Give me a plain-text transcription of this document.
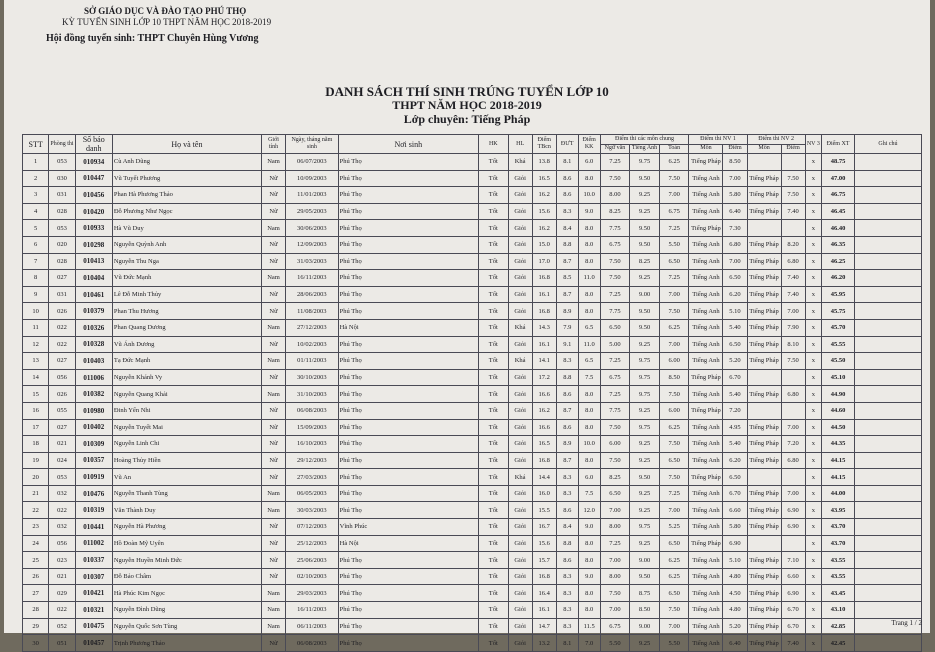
SỞ GIÁO DỤC VÀ ĐÀO TẠO PHÚ THỌ
KỲ TUYỂN SINH LỚP 10 THPT NĂM HỌC 2018-2019
Hội đồng tuyển sinh: THPT Chuyên Hùng Vương
DANH SÁCH THÍ SINH TRÚNG TUYỂN LỚP 10
THPT NĂM HỌC 2018-2019
Lớp chuyên: Tiếng Pháp
STT	Phòng thi	Số báo danh	Họ và tên	Giới tính	Ngày, tháng năm sinh	Nơi sinh	HK	HL	Điểm TBcn	ĐƯT	Điểm KK	Điểm thi các môn chung			Điểm thi NV 1		Điểm thi NV 2		NV 3	Điểm XT	Ghi chú
												Ngữ văn	Tiếng Anh	Toán	Môn	Điểm	Môn	Điểm			
1	053	010934	Cù Anh Dũng	Nam	06/07/2003	Phú Thọ	Tốt	Khá	13.8	8.1	6.0	7.25	9.75	6.25	Tiếng Pháp	8.50			x	48.75	
2	030	010447	Vũ Tuyết Phương	Nữ	10/09/2003	Phú Thọ	Tốt	Giỏi	16.5	8.6	8.0	7.50	9.50	7.50	Tiếng Anh	7.00	Tiếng Pháp	7.50	x	47.00	
3	031	010456	Phan Hà Phương Thảo	Nữ	11/01/2003	Phú Thọ	Tốt	Giỏi	16.2	8.6	10.0	8.00	9.25	7.00	Tiếng Anh	5.80	Tiếng Pháp	7.50	x	46.75	
4	028	010420	Đỗ Phương Như Ngọc	Nữ	29/05/2003	Phú Thọ	Tốt	Giỏi	15.6	8.3	9.0	8.25	9.25	6.75	Tiếng Anh	6.40	Tiếng Pháp	7.40	x	46.45	
5	053	010933	Hà Vũ Duy	Nam	30/06/2003	Phú Thọ	Tốt	Giỏi	16.2	8.4	8.0	7.75	9.50	7.25	Tiếng Pháp	7.30			x	46.40	
6	020	010298	Nguyễn Quỳnh Anh	Nữ	12/09/2003	Phú Thọ	Tốt	Giỏi	15.0	8.8	8.0	6.75	9.50	5.50	Tiếng Anh	6.80	Tiếng Pháp	8.20	x	46.35	
7	028	010413	Nguyễn Thu Nga	Nữ	31/03/2003	Phú Thọ	Tốt	Giỏi	17.0	8.7	8.0	7.50	8.25	6.50	Tiếng Anh	7.00	Tiếng Pháp	6.80	x	46.25	
8	027	010404	Vũ Đức Mạnh	Nam	16/11/2003	Phú Thọ	Tốt	Giỏi	16.8	8.5	11.0	7.50	9.25	7.25	Tiếng Anh	6.50	Tiếng Pháp	7.40	x	46.20	
9	031	010461	Lê Đỗ Minh Thủy	Nữ	28/06/2003	Phú Thọ	Tốt	Giỏi	16.1	8.7	8.0	7.25	9.00	7.00	Tiếng Anh	6.20	Tiếng Pháp	7.40	x	45.95	
10	026	010379	Phan Thu Hương	Nữ	11/08/2003	Phú Thọ	Tốt	Giỏi	16.8	8.9	8.0	7.75	9.50	7.50	Tiếng Anh	5.10	Tiếng Pháp	7.00	x	45.75	
11	022	010326	Phan Quang Dương	Nam	27/12/2003	Hà Nội	Tốt	Khá	14.3	7.9	6.5	6.50	9.50	6.25	Tiếng Anh	5.40	Tiếng Pháp	7.90	x	45.70	
12	022	010328	Vũ Ánh Dương	Nữ	10/02/2003	Phú Thọ	Tốt	Giỏi	16.1	9.1	11.0	5.00	9.25	7.00	Tiếng Anh	6.50	Tiếng Pháp	8.10	x	45.55	
13	027	010403	Tạ Đức Mạnh	Nam	01/11/2003	Phú Thọ	Tốt	Khá	14.1	8.3	6.5	7.25	9.75	6.00	Tiếng Anh	5.20	Tiếng Pháp	7.50	x	45.50	
14	056	011006	Nguyễn Khánh Vy	Nữ	30/10/2003	Phú Thọ	Tốt	Giỏi	17.2	8.8	7.5	6.75	9.75	8.50	Tiếng Pháp	6.70			x	45.10	
15	026	010382	Nguyễn Quang Khải	Nam	31/10/2003	Phú Thọ	Tốt	Giỏi	16.6	8.6	8.0	7.25	9.75	7.50	Tiếng Anh	5.40	Tiếng Pháp	6.80	x	44.90	
16	055	010980	Đinh Yến Nhi	Nữ	06/08/2003	Phú Thọ	Tốt	Giỏi	16.2	8.7	8.0	7.75	9.25	6.00	Tiếng Pháp	7.20			x	44.60	
17	027	010402	Nguyễn Tuyết Mai	Nữ	15/09/2003	Phú Thọ	Tốt	Giỏi	16.6	8.6	8.0	7.50	9.75	6.25	Tiếng Anh	4.95	Tiếng Pháp	7.00	x	44.50	
18	021	010309	Nguyễn Linh Chi	Nữ	16/10/2003	Phú Thọ	Tốt	Giỏi	16.5	8.9	10.0	6.00	9.25	7.50	Tiếng Anh	5.40	Tiếng Pháp	7.20	x	44.35	
19	024	010357	Hoàng Thủy Hiền	Nữ	29/12/2003	Phú Thọ	Tốt	Giỏi	16.8	8.7	8.0	7.50	9.25	6.50	Tiếng Anh	6.20	Tiếng Pháp	6.80	x	44.15	
20	053	010919	Vũ An	Nữ	27/03/2003	Phú Thọ	Tốt	Khá	14.4	8.3	6.0	8.25	9.50	7.50	Tiếng Pháp	6.50			x	44.15	
21	032	010476	Nguyễn Thanh Tùng	Nam	06/05/2003	Phú Thọ	Tốt	Giỏi	16.0	8.3	7.5	6.50	9.25	7.25	Tiếng Anh	6.70	Tiếng Pháp	7.00	x	44.00	
22	022	010319	Văn Thành Duy	Nam	30/03/2003	Phú Thọ	Tốt	Giỏi	15.5	8.6	12.0	7.00	9.25	7.00	Tiếng Anh	6.60	Tiếng Pháp	6.90	x	43.95	
23	032	010441	Nguyễn Hà Phương	Nữ	07/12/2003	Vĩnh Phúc	Tốt	Giỏi	16.7	8.4	9.0	8.00	9.75	5.25	Tiếng Anh	5.80	Tiếng Pháp	6.90	x	43.70	
24	056	011002	Hồ Đoàn Mỹ Uyên	Nữ	25/12/2003	Hà Nội	Tốt	Giỏi	15.6	8.8	8.0	7.25	9.25	6.50	Tiếng Pháp	6.90			x	43.70	
25	023	010337	Nguyễn Huyền Minh Đức	Nữ	25/06/2003	Phú Thọ	Tốt	Giỏi	15.7	8.6	8.0	7.00	9.00	6.25	Tiếng Anh	5.10	Tiếng Pháp	7.10	x	43.55	
26	021	010307	Đỗ Bảo Châm	Nữ	02/10/2003	Phú Thọ	Tốt	Giỏi	16.8	8.3	9.0	8.00	9.50	6.25	Tiếng Anh	4.80	Tiếng Pháp	6.60	x	43.55	
27	029	010421	Hà Phúc Kim Ngọc	Nam	29/03/2003	Phú Thọ	Tốt	Giỏi	16.4	8.3	8.0	7.50	8.75	6.50	Tiếng Anh	4.50	Tiếng Pháp	6.90	x	43.45	
28	022	010321	Nguyễn Đình Dũng	Nam	16/11/2003	Phú Thọ	Tốt	Giỏi	16.1	8.3	8.0	7.00	8.50	7.50	Tiếng Anh	4.80	Tiếng Pháp	6.70	x	43.10	
29	052	010475	Nguyễn Quốc Sơn Tùng	Nam	06/11/2003	Phú Thọ	Tốt	Giỏi	14.7	8.3	11.5	6.75	9.00	7.00	Tiếng Anh	5.20	Tiếng Pháp	6.70	x	42.85	
30	051	010457	Trịnh Phương Thảo	Nữ	06/08/2003	Phú Thọ	Tốt	Giỏi	13.2	8.1	7.0	5.50	9.25	5.50	Tiếng Anh	6.40	Tiếng Pháp	7.40	x	42.45	
Trang 1 / 2
